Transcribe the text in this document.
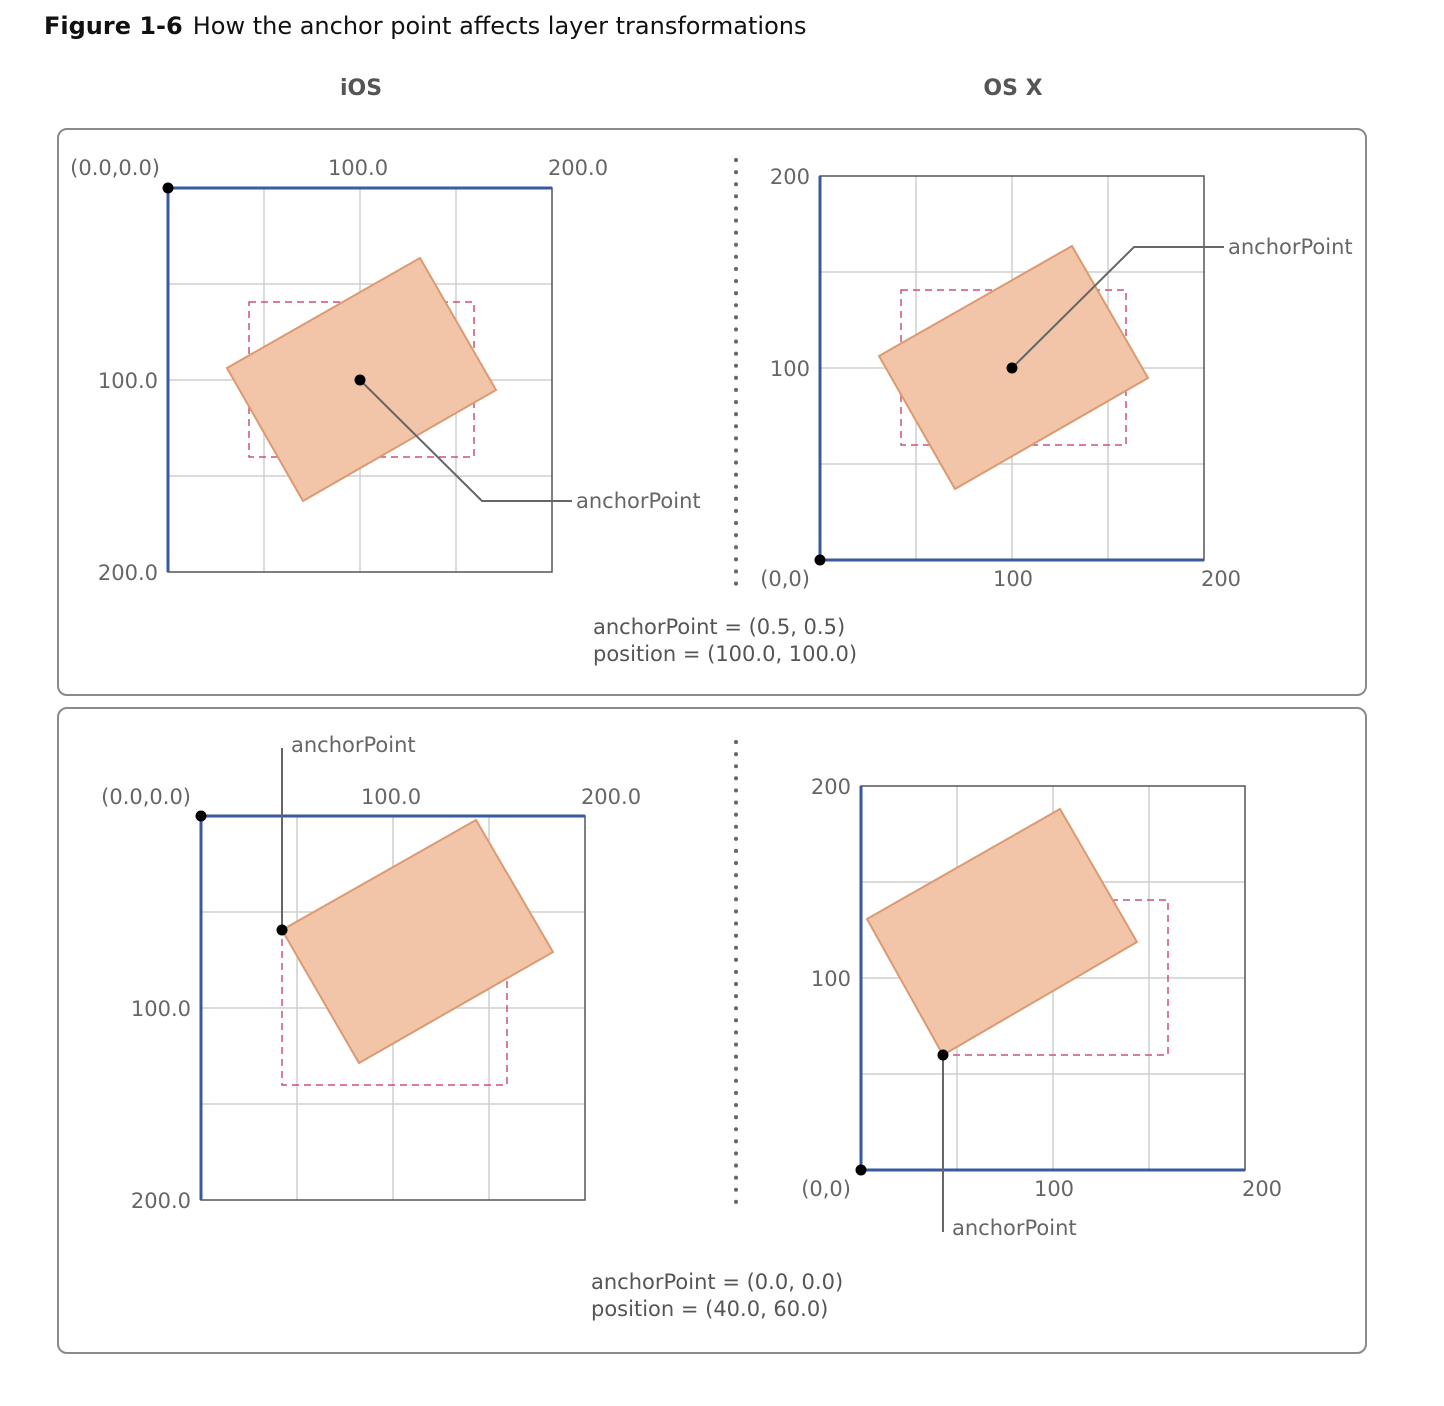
Figure 1-6 How the anchor point affects layer transformations
iOS	OS X
(0.0,0.0)	100.0	200.0
100.0
200.0
anchorPoint
(0,0)	100	200
100
200
anchorPoint
(0.0,0.0)	100.0	200.0
100.0
200.0
anchorPoint
(0,0)	100	200
100
200
anchorPoint
anchorPoint = (0.5, 0.5)
position = (100.0, 100.0)
anchorPoint = (0.0, 0.0)
position = (40.0, 60.0)
